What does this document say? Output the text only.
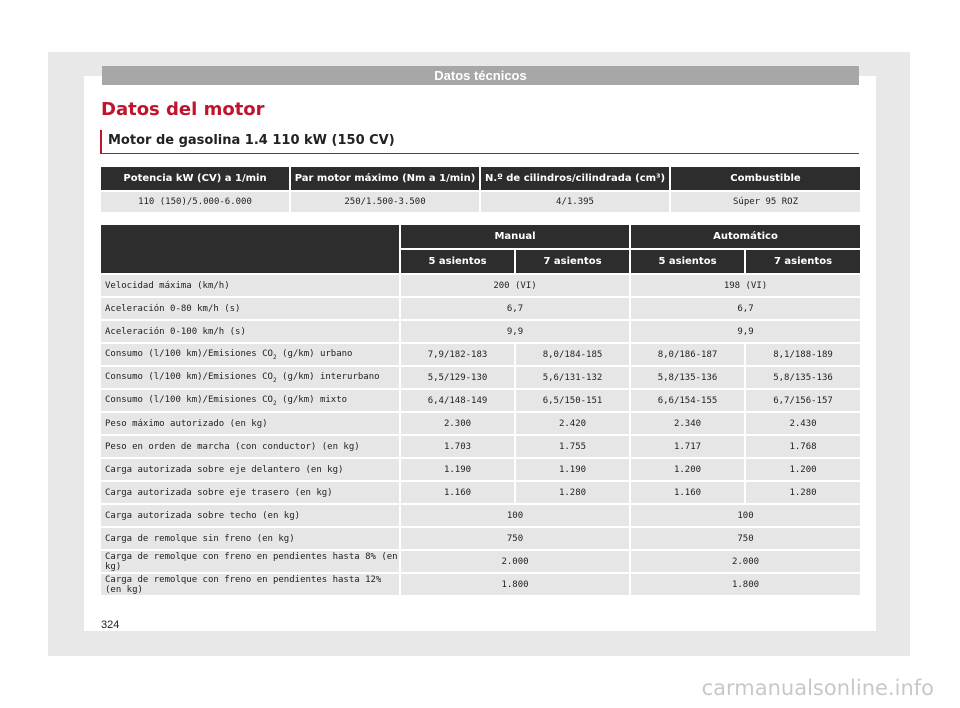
Datos técnicos
Datos del motor
Motor de gasolina 1.4 110 kW (150 CV)
Potencia kW (CV) a 1/min	Par motor máximo (Nm a 1/min)	N.º de cilindros/cilindrada (cm³)	Combustible
110 (150)/5.000-6.000	250/1.500-3.500	4/1.395	Súper 95 ROZ
	Manual		Automático	
	5 asientos	7 asientos	5 asientos	7 asientos
Velocidad máxima (km/h)	200 (VI)		198 (VI)	
Aceleración 0-80 km/h (s)	6,7		6,7	
Aceleración 0-100 km/h (s)	9,9		9,9	
Consumo (l/100 km)/Emisiones $CO_2$ (g/km) urbano	7,9/182-183	8,0/184-185	8,0/186-187	8,1/188-189
Consumo (l/100 km)/Emisiones $CO_2$ (g/km) interurbano	5,5/129-130	5,6/131-132	5,8/135-136	5,8/135-136
Consumo (l/100 km)/Emisiones $CO_2$ (g/km) mixto	6,4/148-149	6,5/150-151	6,6/154-155	6,7/156-157
Peso máximo autorizado (en kg)	2.300	2.420	2.340	2.430
Peso en orden de marcha (con conductor) (en kg)	1.703	1.755	1.717	1.768
Carga autorizada sobre eje delantero (en kg)	1.190	1.190	1.200	1.200
Carga autorizada sobre eje trasero (en kg)	1.160	1.280	1.160	1.280
Carga autorizada sobre techo (en kg)	100		100	
Carga de remolque sin freno (en kg)	750		750	
Carga de remolque con freno en pendientes hasta 8% (en kg)	2.000		2.000	
Carga de remolque con freno en pendientes hasta 12% (en kg)	1.800		1.800	
324
carmanualsonline.info
